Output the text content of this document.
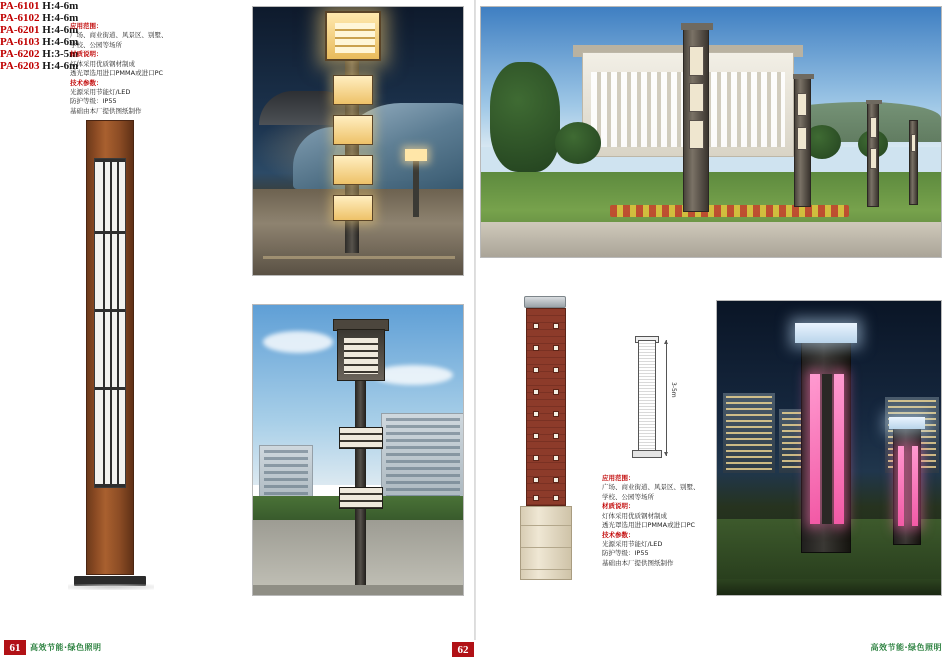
应用范围：
广场、商业街道、风景区、别墅、
学校、公园等场所
材质说明：
灯体采用优质钢材制成
透光罩选用进口PMMA或进口PC
技术参数：
光源采用节能灯/LED
防护等级：IP55
基础由本厂提供图纸制作
PA-6101 H:4-6m
PA-6102 H:4-6m
PA-6201 H:4-6m
PA-6103 H:4-6m
PA-6202 H:3-5m
3-5m
应用范围：
广场、商业街道、风景区、别墅、
学校、公园等场所
材质说明：
灯体采用优质钢材制成
透光罩选用进口PMMA或进口PC
技术参数：
光源采用节能灯/LED
防护等级：IP55
基础由本厂提供图纸制作
PA-6203 H:4-6m
61	高效节能·绿色照明	高效节能·绿色照明
62
